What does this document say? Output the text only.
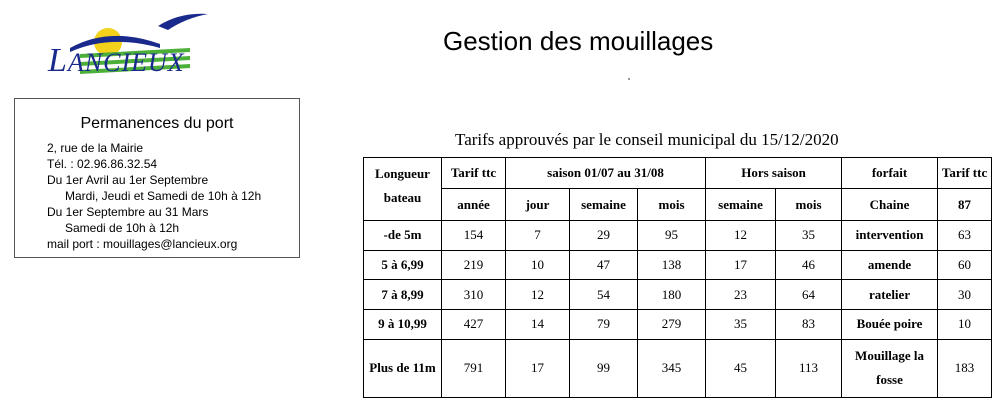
LANCIEUX
Gestion des mouillages
Permanences du port
2, rue de la Mairie
Tél. : 02.96.86.32.54
Du 1er Avril au 1er Septembre
Mardi, Jeudi et Samedi de 10h à 12h
Du 1er Septembre au 31 Mars
Samedi de 10h à 12h
mail port : mouillages@lancieux.org
Tarifs approuvés par le conseil municipal du 15/12/2020
Longueur bateau	Tarif ttc	saison 01/07 au 31/08			Hors saison		forfait	Tarif ttc
	année	jour	semaine	mois	semaine	mois	Chaine	87
-de 5m	154	7	29	95	12	35	intervention	63
5 à 6,99	219	10	47	138	17	46	amende	60
7 à 8,99	310	12	54	180	23	64	ratelier	30
9 à 10,99	427	14	79	279	35	83	Bouée poire	10
Plus de 11m	791	17	99	345	45	113	Mouillage la fosse	183
